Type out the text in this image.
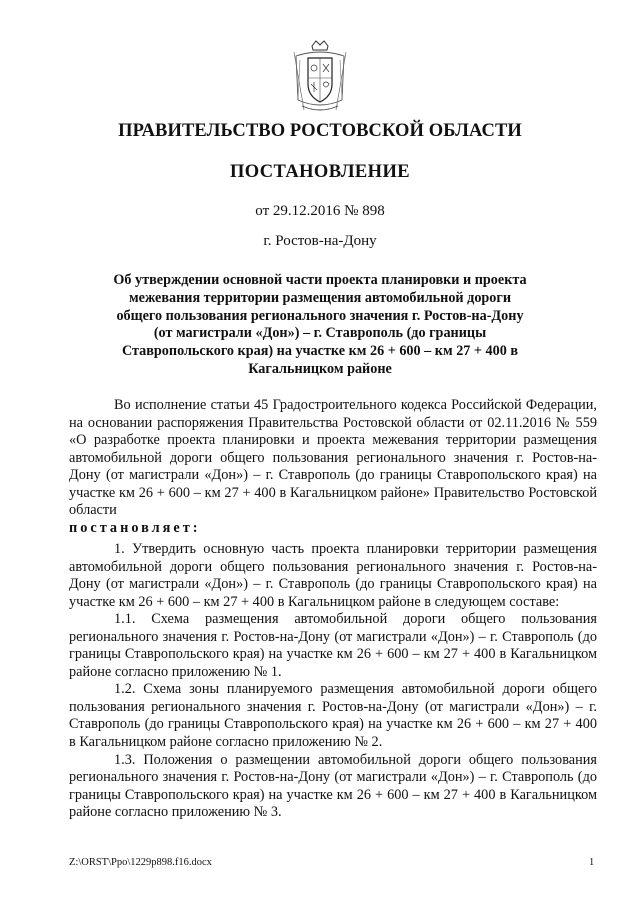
ПРАВИТЕЛЬСТВО РОСТОВСКОЙ ОБЛАСТИ
ПОСТАНОВЛЕНИЕ
от 29.12.2016 № 898
г. Ростов-на-Дону
Об утверждении основной части проекта планировки и проекта межевания территории размещения автомобильной дороги общего пользования регионального значения г. Ростов-на-Дону (от магистрали «Дон») – г. Ставрополь (до границы Ставропольского края) на участке км 26 + 600 – км 27 + 400 в Кагальницком районе

Во исполнение статьи 45 Градостроительного кодекса Российской Федерации, на основании распоряжения Правительства Ростовской области от 02.11.2016 № 559 «О разработке проекта планировки и проекта межевания территории размещения автомобильной дороги общего пользования регионального значения г. Ростов-на-Дону (от магистрали «Дон») – г. Ставрополь (до границы Ставропольского края) на участке км 26 + 600 – км 27 + 400 в Кагальницком районе» Правительство Ростовской области
постановляет:

1. Утвердить основную часть проекта планировки территории размещения автомобильной дороги общего пользования регионального значения г. Ростов-на-Дону (от магистрали «Дон») – г. Ставрополь (до границы Ставропольского края) на участке км 26 + 600 – км 27 + 400 в Кагальницком районе в следующем составе:

1.1. Схема размещения автомобильной дороги общего пользования регионального значения г. Ростов-на-Дону (от магистрали «Дон») – г. Ставрополь (до границы Ставропольского края) на участке км 26 + 600 – км 27 + 400 в Кагальницком районе согласно приложению № 1.

1.2. Схема зоны планируемого размещения автомобильной дороги общего пользования регионального значения г. Ростов-на-Дону (от магистрали «Дон») – г. Ставрополь (до границы Ставропольского края) на участке км 26 + 600 – км 27 + 400 в Кагальницком районе согласно приложению № 2.

1.3. Положения о размещении автомобильной дороги общего пользования регионального значения г. Ростов-на-Дону (от магистрали «Дон») – г. Ставрополь (до границы Ставропольского края) на участке км 26 + 600 – км 27 + 400 в Кагальницком районе согласно приложению № 3.

Z:\ORST\Ppo\1229p898.f16.docx	1
